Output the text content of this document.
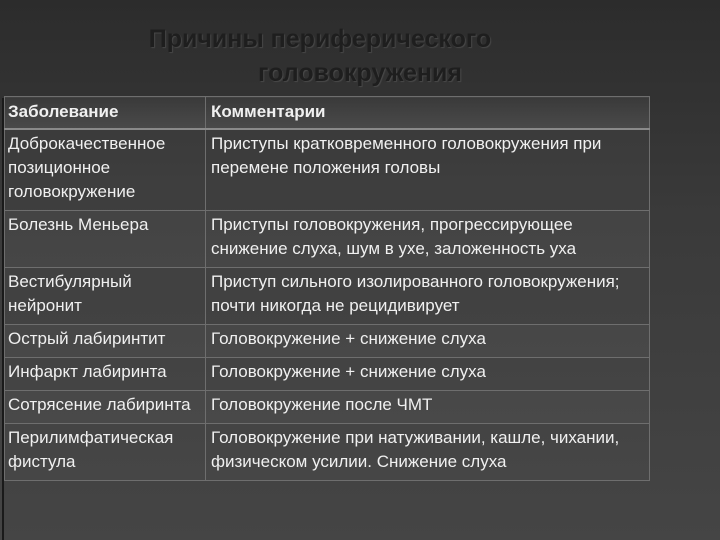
Причины периферического
головокружения
Заболевание	Комментарии
Доброкачественное позиционное головокружение	Приступы кратковременного головокружения при перемене положения головы
Болезнь Меньера	Приступы головокружения, прогрессирующее снижение слуха, шум в ухе, заложенность уха
Вестибулярный нейронит	Приступ сильного изолированного головокружения; почти никогда не рецидивирует
Острый лабиринтит	Головокружение + снижение слуха
Инфаркт лабиринта	Головокружение + снижение слуха
Сотрясение лабиринта	Головокружение после ЧМТ
Перилимфатическая фистула	Головокружение при натуживании, кашле, чихании, физическом усилии. Снижение слуха
